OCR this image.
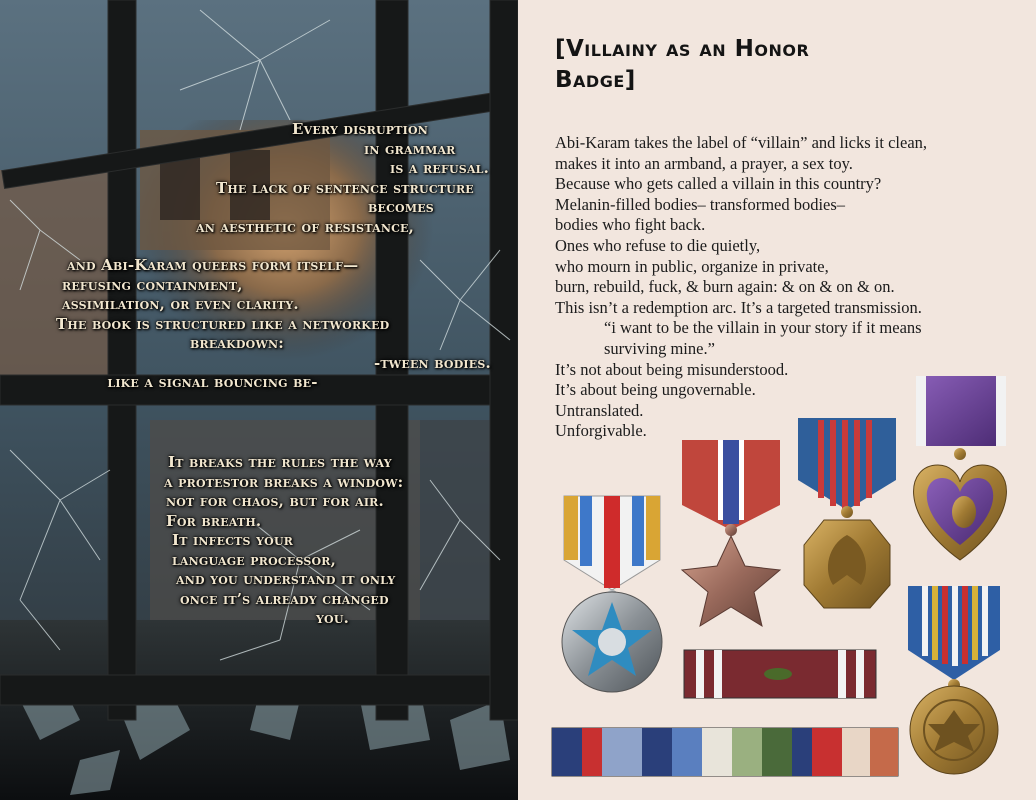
Every disruption
in grammar
is a refusal.
The lack of sentence structure
becomes
an aesthetic of resistance,
and Abi-Karam queers form itself—
refusing containment,
assimilation, or even clarity.
The book is structured like a networked
breakdown:

like a signal bouncing be-

-tween bodies.

It breaks the rules the way
a protestor breaks a window:
not for chaos, but for air.
For breath.
It infects your
language processor,
and you understand it only
once it’s already changed
you.
[Villainy as an Honor
Badge]
Abi-Karam takes the label of “villain” and licks it clean,
makes it into an armband, a prayer, a sex toy.
Because who gets called a villain in this country?
Melanin-filled bodies– transformed bodies–
bodies who fight back.
Ones who refuse to die quietly,
who mourn in public, organize in private,
burn, rebuild, fuck, & burn again: & on & on & on.
This isn’t a redemption arc. It’s a targeted transmission.
“i want to be the villain in your story if it means
surviving mine.”
It’s not about being misunderstood.
It’s about being ungovernable.
Untranslated.
Unforgivable.
